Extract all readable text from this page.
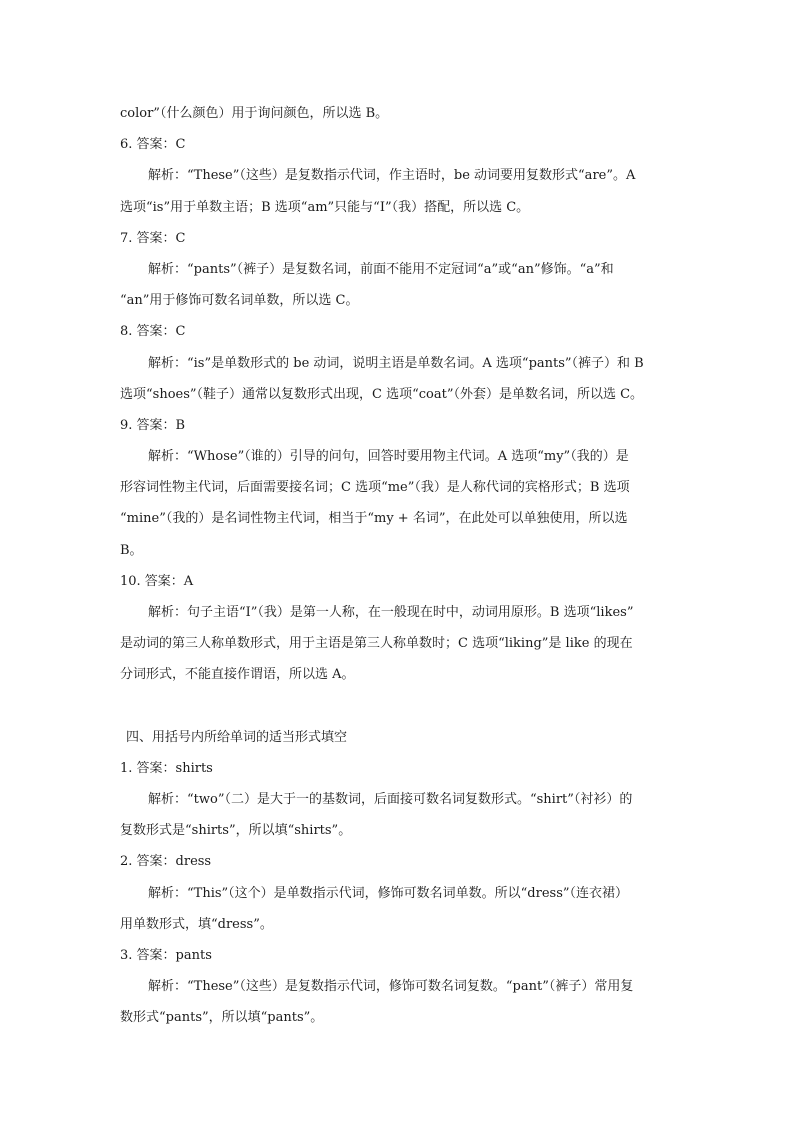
color”（什么颜色）用于询问颜色，所以选 B。
6. 答案：C
解析：“These”（这些）是复数指示代词，作主语时，be 动词要用复数形式“are”。A
选项“is”用于单数主语；B 选项“am”只能与“I”（我）搭配，所以选 C。
7. 答案：C
解析：“pants”（裤子）是复数名词，前面不能用不定冠词“a”或“an”修饰。“a”和
“an”用于修饰可数名词单数，所以选 C。
8. 答案：C
解析：“is”是单数形式的 be 动词，说明主语是单数名词。A 选项“pants”（裤子）和 B
选项“shoes”（鞋子）通常以复数形式出现，C 选项“coat”（外套）是单数名词，所以选 C。
9. 答案：B
解析：“Whose”（谁的）引导的问句，回答时要用物主代词。A 选项“my”（我的）是
形容词性物主代词，后面需要接名词；C 选项“me”（我）是人称代词的宾格形式；B 选项
“mine”（我的）是名词性物主代词，相当于“my + 名词”，在此处可以单独使用，所以选
B。
10. 答案：A
解析：句子主语“I”（我）是第一人称，在一般现在时中，动词用原形。B 选项“likes”
是动词的第三人称单数形式，用于主语是第三人称单数时；C 选项“liking”是 like 的现在
分词形式，不能直接作谓语，所以选 A。
四、用括号内所给单词的适当形式填空
1. 答案：shirts
解析：“two”（二）是大于一的基数词，后面接可数名词复数形式。“shirt”（衬衫）的
复数形式是“shirts”，所以填“shirts”。
2. 答案：dress
解析：“This”（这个）是单数指示代词，修饰可数名词单数。所以“dress”（连衣裙）
用单数形式，填“dress”。
3. 答案：pants
解析：“These”（这些）是复数指示代词，修饰可数名词复数。“pant”（裤子）常用复
数形式“pants”，所以填“pants”。
